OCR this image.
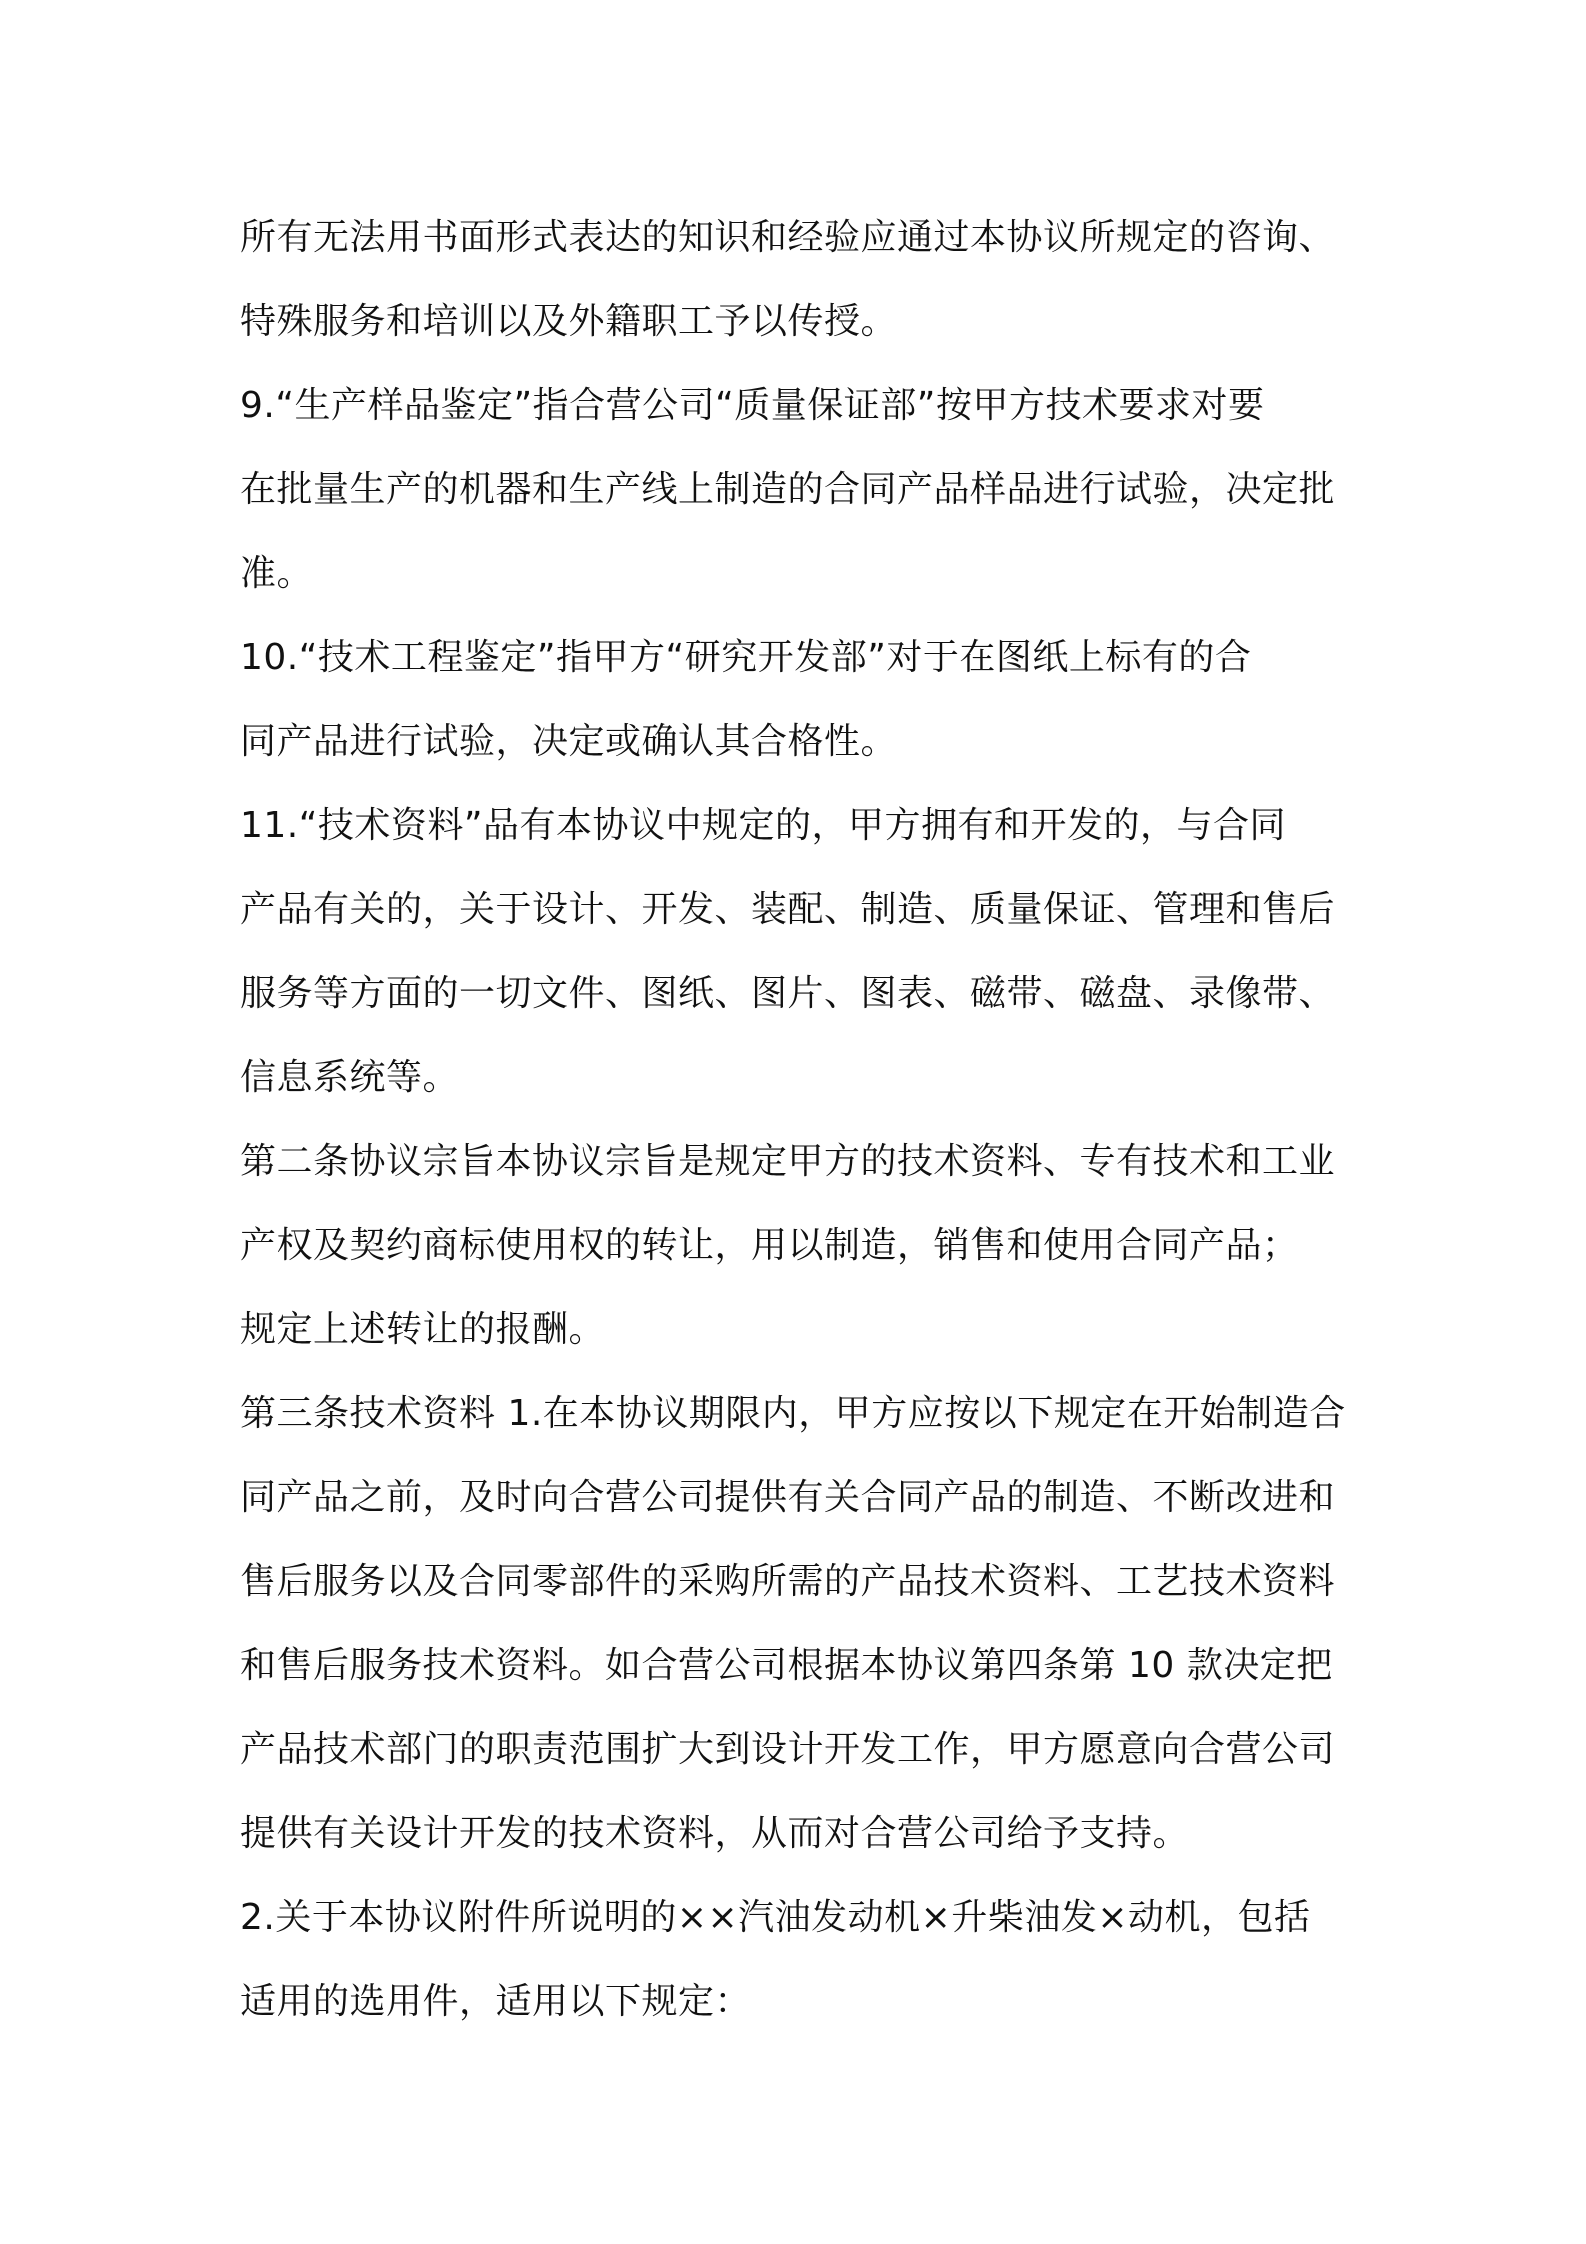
所有无法用书面形式表达的知识和经验应通过本协议所规定的咨询、
特殊服务和培训以及外籍职工予以传授。
9.“生产样品鉴定”指合营公司“质量保证部”按甲方技术要求对要
在批量生产的机器和生产线上制造的合同产品样品进行试验，决定批
准。
10.“技术工程鉴定”指甲方“研究开发部”对于在图纸上标有的合
同产品进行试验，决定或确认其合格性。
11.“技术资料”品有本协议中规定的，甲方拥有和开发的，与合同
产品有关的，关于设计、开发、装配、制造、质量保证、管理和售后
服务等方面的一切文件、图纸、图片、图表、磁带、磁盘、录像带、
信息系统等。
第二条协议宗旨本协议宗旨是规定甲方的技术资料、专有技术和工业
产权及契约商标使用权的转让，用以制造，销售和使用合同产品；
规定上述转让的报酬。
第三条技术资料 1.在本协议期限内，甲方应按以下规定在开始制造合
同产品之前，及时向合营公司提供有关合同产品的制造、不断改进和
售后服务以及合同零部件的采购所需的产品技术资料、工艺技术资料
和售后服务技术资料。如合营公司根据本协议第四条第 10 款决定把
产品技术部门的职责范围扩大到设计开发工作，甲方愿意向合营公司
提供有关设计开发的技术资料，从而对合营公司给予支持。
2.关于本协议附件所说明的××汽油发动机×升柴油发×动机，包括
适用的选用件，适用以下规定：
